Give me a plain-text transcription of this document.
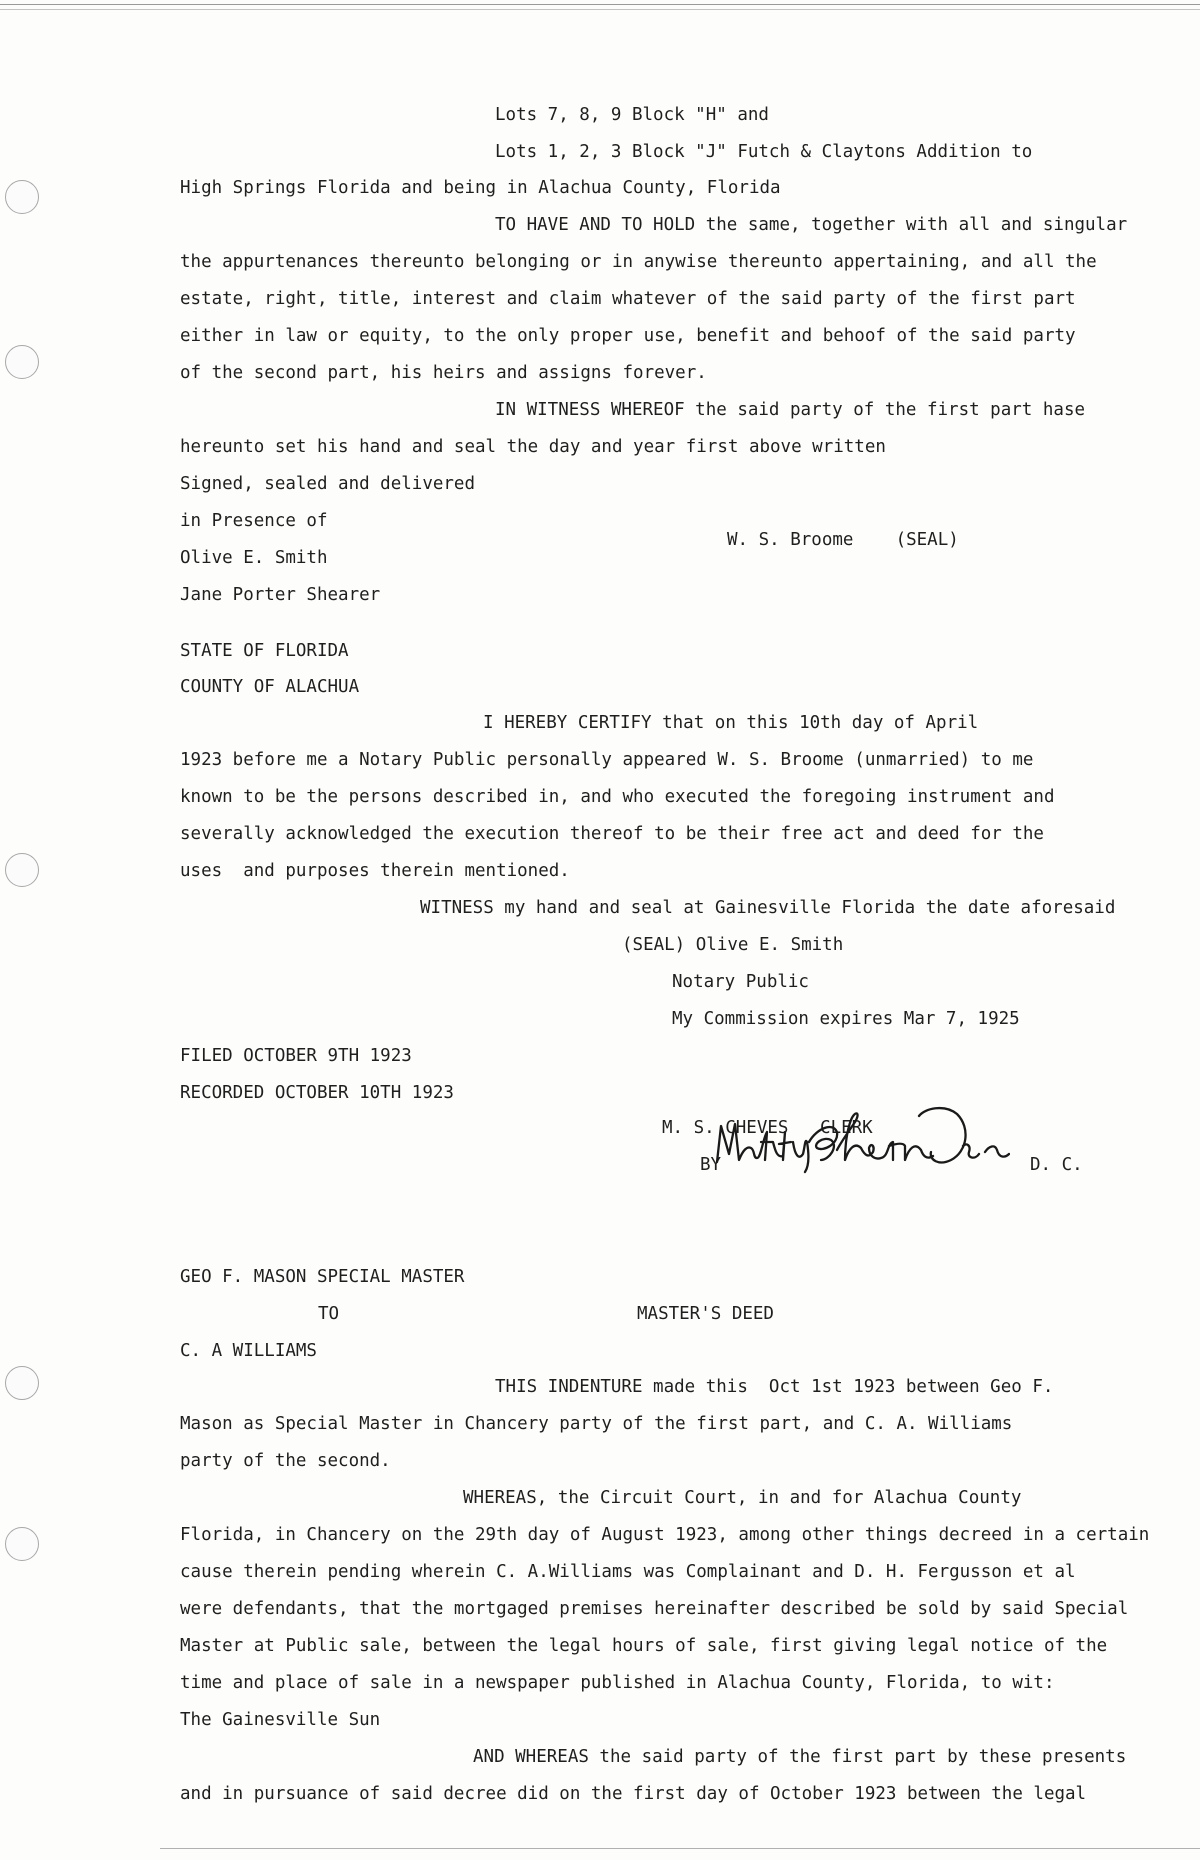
Lots 7, 8, 9 Block "H" and
Lots 1, 2, 3 Block "J" Futch & Claytons Addition to
High Springs Florida and being in Alachua County, Florida
TO HAVE AND TO HOLD the same, together with all and singular
the appurtenances thereunto belonging or in anywise thereunto appertaining, and all the
estate, right, title, interest and claim whatever of the said party of the first part
either in law or equity, to the only proper use, benefit and behoof of the said party
of the second part, his heirs and assigns forever.
IN WITNESS WHEREOF the said party of the first part hase
hereunto set his hand and seal the day and year first above written
Signed, sealed and delivered
in Presence of
Olive E. Smith
Jane Porter Shearer
W. S. Broome    (SEAL)
STATE OF FLORIDA
COUNTY OF ALACHUA
I HEREBY CERTIFY that on this 10th day of April
1923 before me a Notary Public personally appeared W. S. Broome (unmarried) to me
known to be the persons described in, and who executed the foregoing instrument and
severally acknowledged the execution thereof to be their free act and deed for the
uses  and purposes therein mentioned.
WITNESS my hand and seal at Gainesville Florida the date aforesaid
(SEAL) Olive E. Smith
Notary Public
My Commission expires Mar 7, 1925
FILED OCTOBER 9TH 1923
RECORDED OCTOBER 10TH 1923
M. S. CHEVES   CLERK
BY	D. C.
GEO F. MASON SPECIAL MASTER
TO	MASTER'S DEED
C. A WILLIAMS
THIS INDENTURE made this  Oct 1st 1923 between Geo F.
Mason as Special Master in Chancery party of the first part, and C. A. Williams
party of the second.
WHEREAS, the Circuit Court, in and for Alachua County
Florida, in Chancery on the 29th day of August 1923, among other things decreed in a certain
cause therein pending wherein C. A.Williams was Complainant and D. H. Fergusson et al
were defendants, that the mortgaged premises hereinafter described be sold by said Special
Master at Public sale, between the legal hours of sale, first giving legal notice of the
time and place of sale in a newspaper published in Alachua County, Florida, to wit:
The Gainesville Sun
AND WHEREAS the said party of the first part by these presents
and in pursuance of said decree did on the first day of October 1923 between the legal
